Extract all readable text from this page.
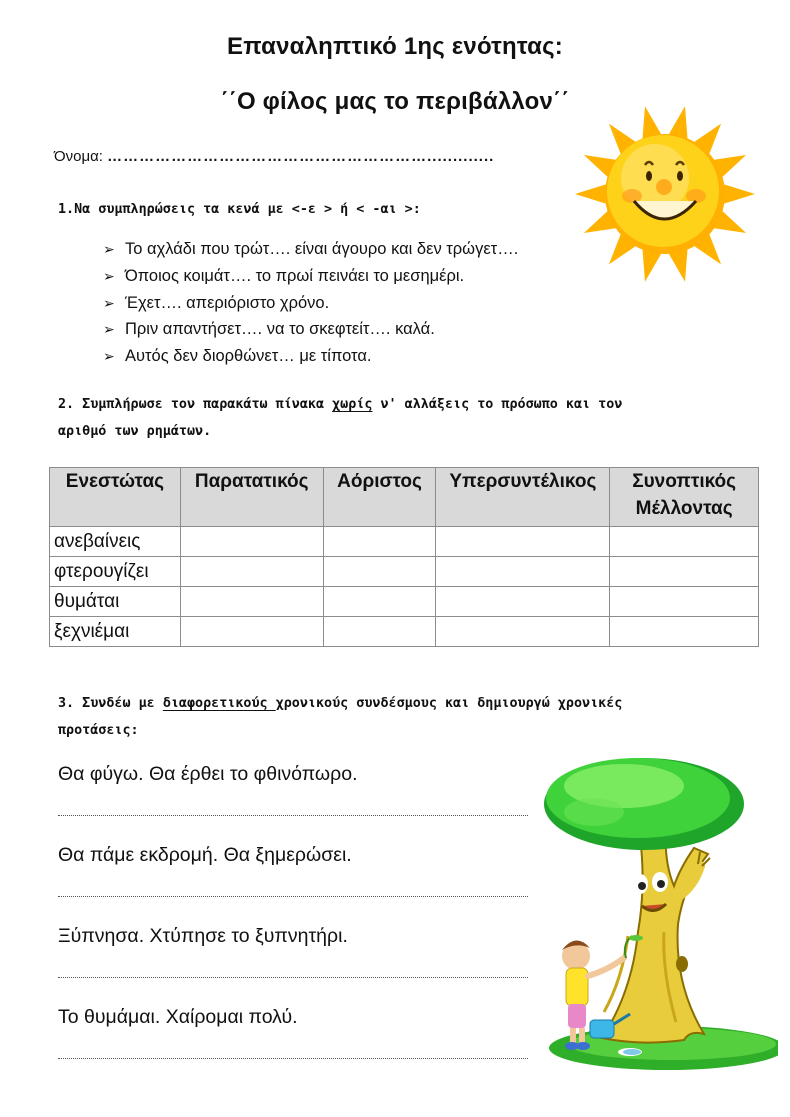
Επαναληπτικό 1ης ενότητας:
΄΄Ο φίλος μας το περιβάλλον΄΄
Όνομα: …………………………………………………….............
1.Να συμπληρώσεις τα κενά με <-ε > ή < -αι >:
➢ Το αχλάδι που τρώτ…. είναι άγουρο και δεν τρώγετ….
➢ Όποιος κοιμάτ…. το πρωί πεινάει το μεσημέρι.
➢ Έχετ…. απεριόριστο χρόνο.
➢ Πριν απαντήσετ…. να το σκεφτείτ…. καλά.
➢ Αυτός δεν διορθώνετ… με τίποτα.
2. Συμπλήρωσε τον παρακάτω πίνακα χωρίς ν' αλλάξεις το πρόσωπο και τον
αριθμό των ρημάτων.
Ενεστώτας	Παρατατικός	Αόριστος	Υπερσυντέλικος	Συνοπτικός Μέλλοντας
ανεβαίνεις				
φτερουγίζει				
θυμάται				
ξεχνιέμαι				
3. Συνδέω με διαφορετικούς χρονικούς συνδέσμους και δημιουργώ χρονικές
προτάσεις:
Θα φύγω. Θα έρθει το φθινόπωρο.
Θα πάμε εκδρομή. Θα ξημερώσει.
Ξύπνησα. Χτύπησε το ξυπνητήρι.
Το θυμάμαι. Χαίρομαι πολύ.
